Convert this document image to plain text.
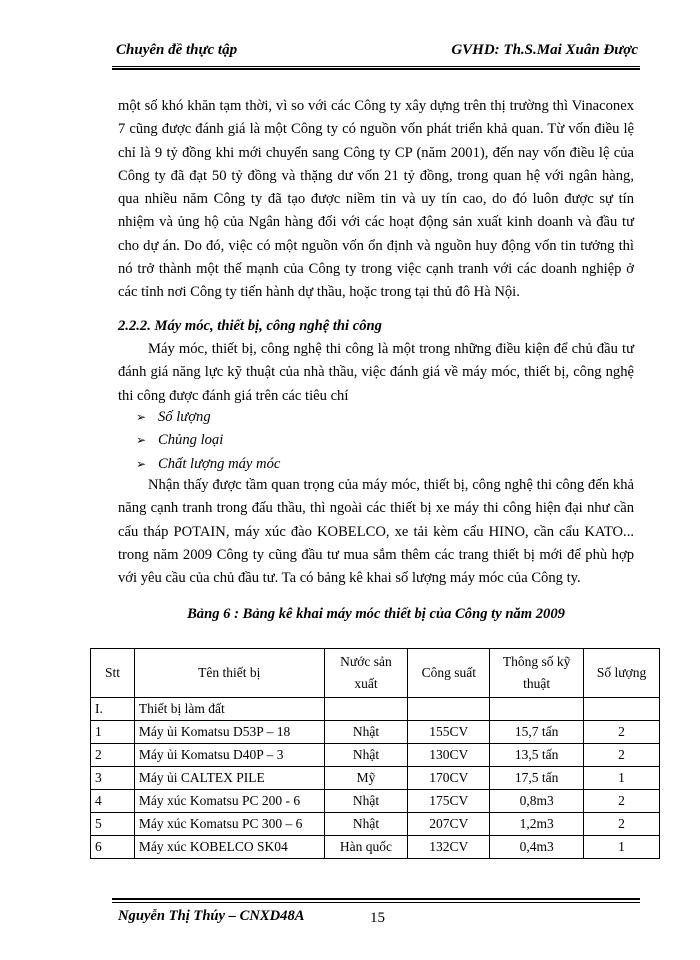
Chuyên đề thực tập	GVHD: Th.S.Mai Xuân Được
một số khó khăn tạm thời, vì so với các Công ty xây dựng trên thị trường thì Vinaconex 7 cũng được đánh giá là một Công ty có nguồn vốn phát triển khả quan. Từ vốn điều lệ chỉ là 9 tỷ đồng khi mới chuyển sang Công ty CP (năm 2001), đến nay vốn điều lệ của Công ty đã đạt 50 tỷ đồng và thặng dư vốn 21 tỷ đồng, trong quan hệ với ngân hàng, qua nhiều năm Công ty đã tạo được niềm tin và uy tín cao, do đó luôn được sự tín nhiệm và ủng hộ của Ngân hàng đối với các hoạt động sản xuất kinh doanh và đầu tư cho dự án. Do đó, việc có một nguồn vốn ổn định và nguồn huy động vốn tin tưởng thì nó trở thành một thế mạnh của Công ty trong việc cạnh tranh với các doanh nghiệp ở các tỉnh nơi Công ty tiến hành dự thầu, hoặc trong tại thủ đô Hà Nội.
2.2.2. Máy móc, thiết bị, công nghệ thi công
Máy móc, thiết bị, công nghệ thi công là một trong những điều kiện để chủ đầu tư đánh giá năng lực kỹ thuật của nhà thầu, việc đánh giá về máy móc, thiết bị, công nghệ thi công được đánh giá trên các tiêu chí
➢ Số lượng
➢ Chủng loại
➢ Chất lượng máy móc
Nhận thấy được tầm quan trọng của máy móc, thiết bị, công nghệ thi công đến khả năng cạnh tranh trong đấu thầu, thì ngoài các thiết bị xe máy thi công hiện đại như cần cẩu tháp POTAIN, máy xúc đào KOBELCO, xe tải kèm cẩu HINO, cần cẩu KATO... trong năm 2009 Công ty cũng đầu tư mua sắm thêm các trang thiết bị mới để phù hợp với yêu cầu của chủ đầu tư. Ta có bảng kê khai số lượng máy móc của Công ty.
Bảng 6 : Bảng kê khai máy móc thiết bị của Công ty năm 2009
Stt	Tên thiết bị	Nước sản xuất	Công suất	Thông số kỹ thuật	Số lượng
I.	Thiết bị làm đất				
1	Máy ủi Komatsu D53P – 18	Nhật	155CV	15,7 tấn	2
2	Máy ủi Komatsu D40P – 3	Nhật	130CV	13,5 tấn	2
3	Máy ủi CALTEX PILE	Mỹ	170CV	17,5 tấn	1
4	Máy xúc Komatsu PC 200 - 6	Nhật	175CV	0,8m3	2
5	Máy xúc Komatsu PC 300 – 6	Nhật	207CV	1,2m3	2
6	Máy xúc KOBELCO SK04	Hàn quốc	132CV	0,4m3	1
Nguyễn Thị Thúy – CNXD48A	15
